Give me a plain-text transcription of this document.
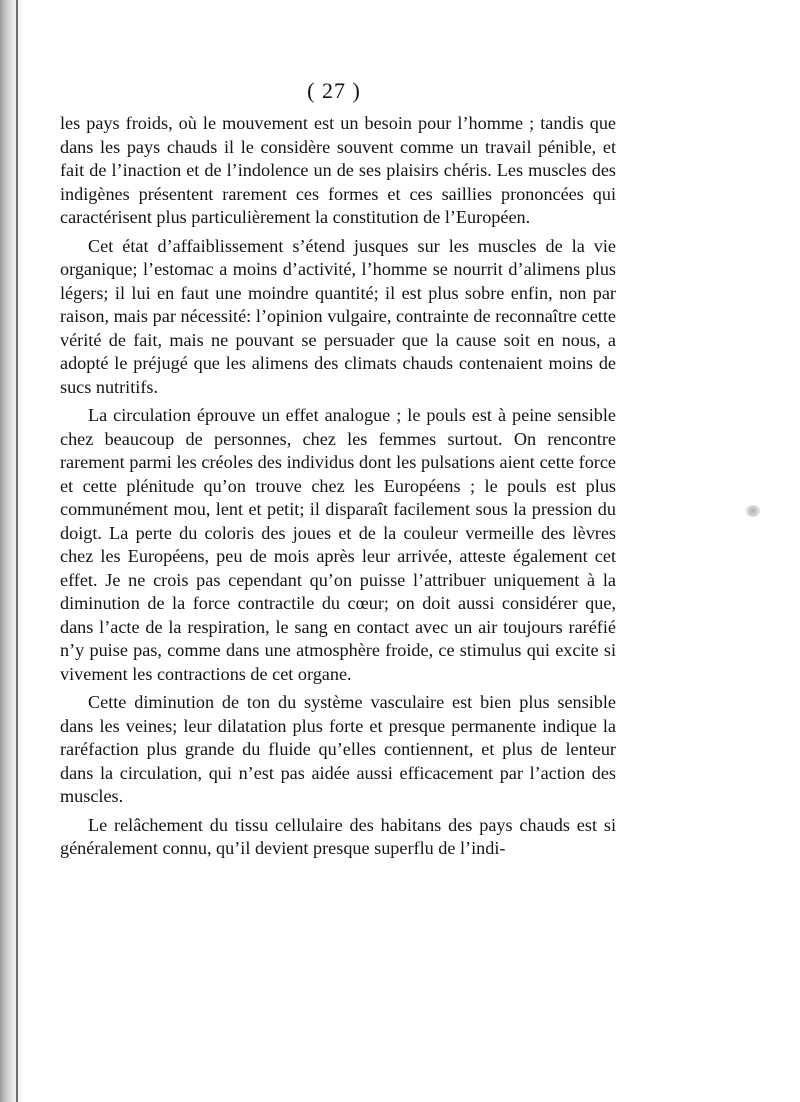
( 27 )

les pays froids, où le mouvement est un besoin pour l’homme ; tandis que dans les pays chauds il le considère souvent comme un travail pénible, et fait de l’inaction et de l’indolence un de ses plaisirs chéris. Les muscles des indigènes présentent rarement ces formes et ces saillies prononcées qui caractérisent plus particulièrement la constitution de l’Européen.

Cet état d’affaiblissement s’étend jusques sur les muscles de la vie organique; l’estomac a moins d’activité, l’homme se nourrit d’alimens plus légers; il lui en faut une moindre quantité; il est plus sobre enfin, non par raison, mais par nécessité: l’opinion vulgaire, contrainte de reconnaître cette vérité de fait, mais ne pouvant se persuader que la cause soit en nous, a adopté le préjugé que les alimens des climats chauds contenaient moins de sucs nutritifs.

La circulation éprouve un effet analogue ; le pouls est à peine sensible chez beaucoup de personnes, chez les femmes surtout. On rencontre rarement parmi les créoles des individus dont les pulsations aient cette force et cette plénitude qu’on trouve chez les Européens ; le pouls est plus communément mou, lent et petit; il disparaît facilement sous la pression du doigt. La perte du coloris des joues et de la couleur vermeille des lèvres chez les Européens, peu de mois après leur arrivée, atteste également cet effet. Je ne crois pas cependant qu’on puisse l’attribuer uniquement à la diminution de la force contractile du cœur; on doit aussi considérer que, dans l’acte de la respiration, le sang en contact avec un air toujours raréfié n’y puise pas, comme dans une atmosphère froide, ce stimulus qui excite si vivement les contractions de cet organe.

Cette diminution de ton du système vasculaire est bien plus sensible dans les veines; leur dilatation plus forte et presque permanente indique la raréfaction plus grande du fluide qu’elles contiennent, et plus de lenteur dans la circulation, qui n’est pas aidée aussi efficacement par l’action des muscles.

Le relâchement du tissu cellulaire des habitans des pays chauds est si généralement connu, qu’il devient presque superflu de l’indi-
